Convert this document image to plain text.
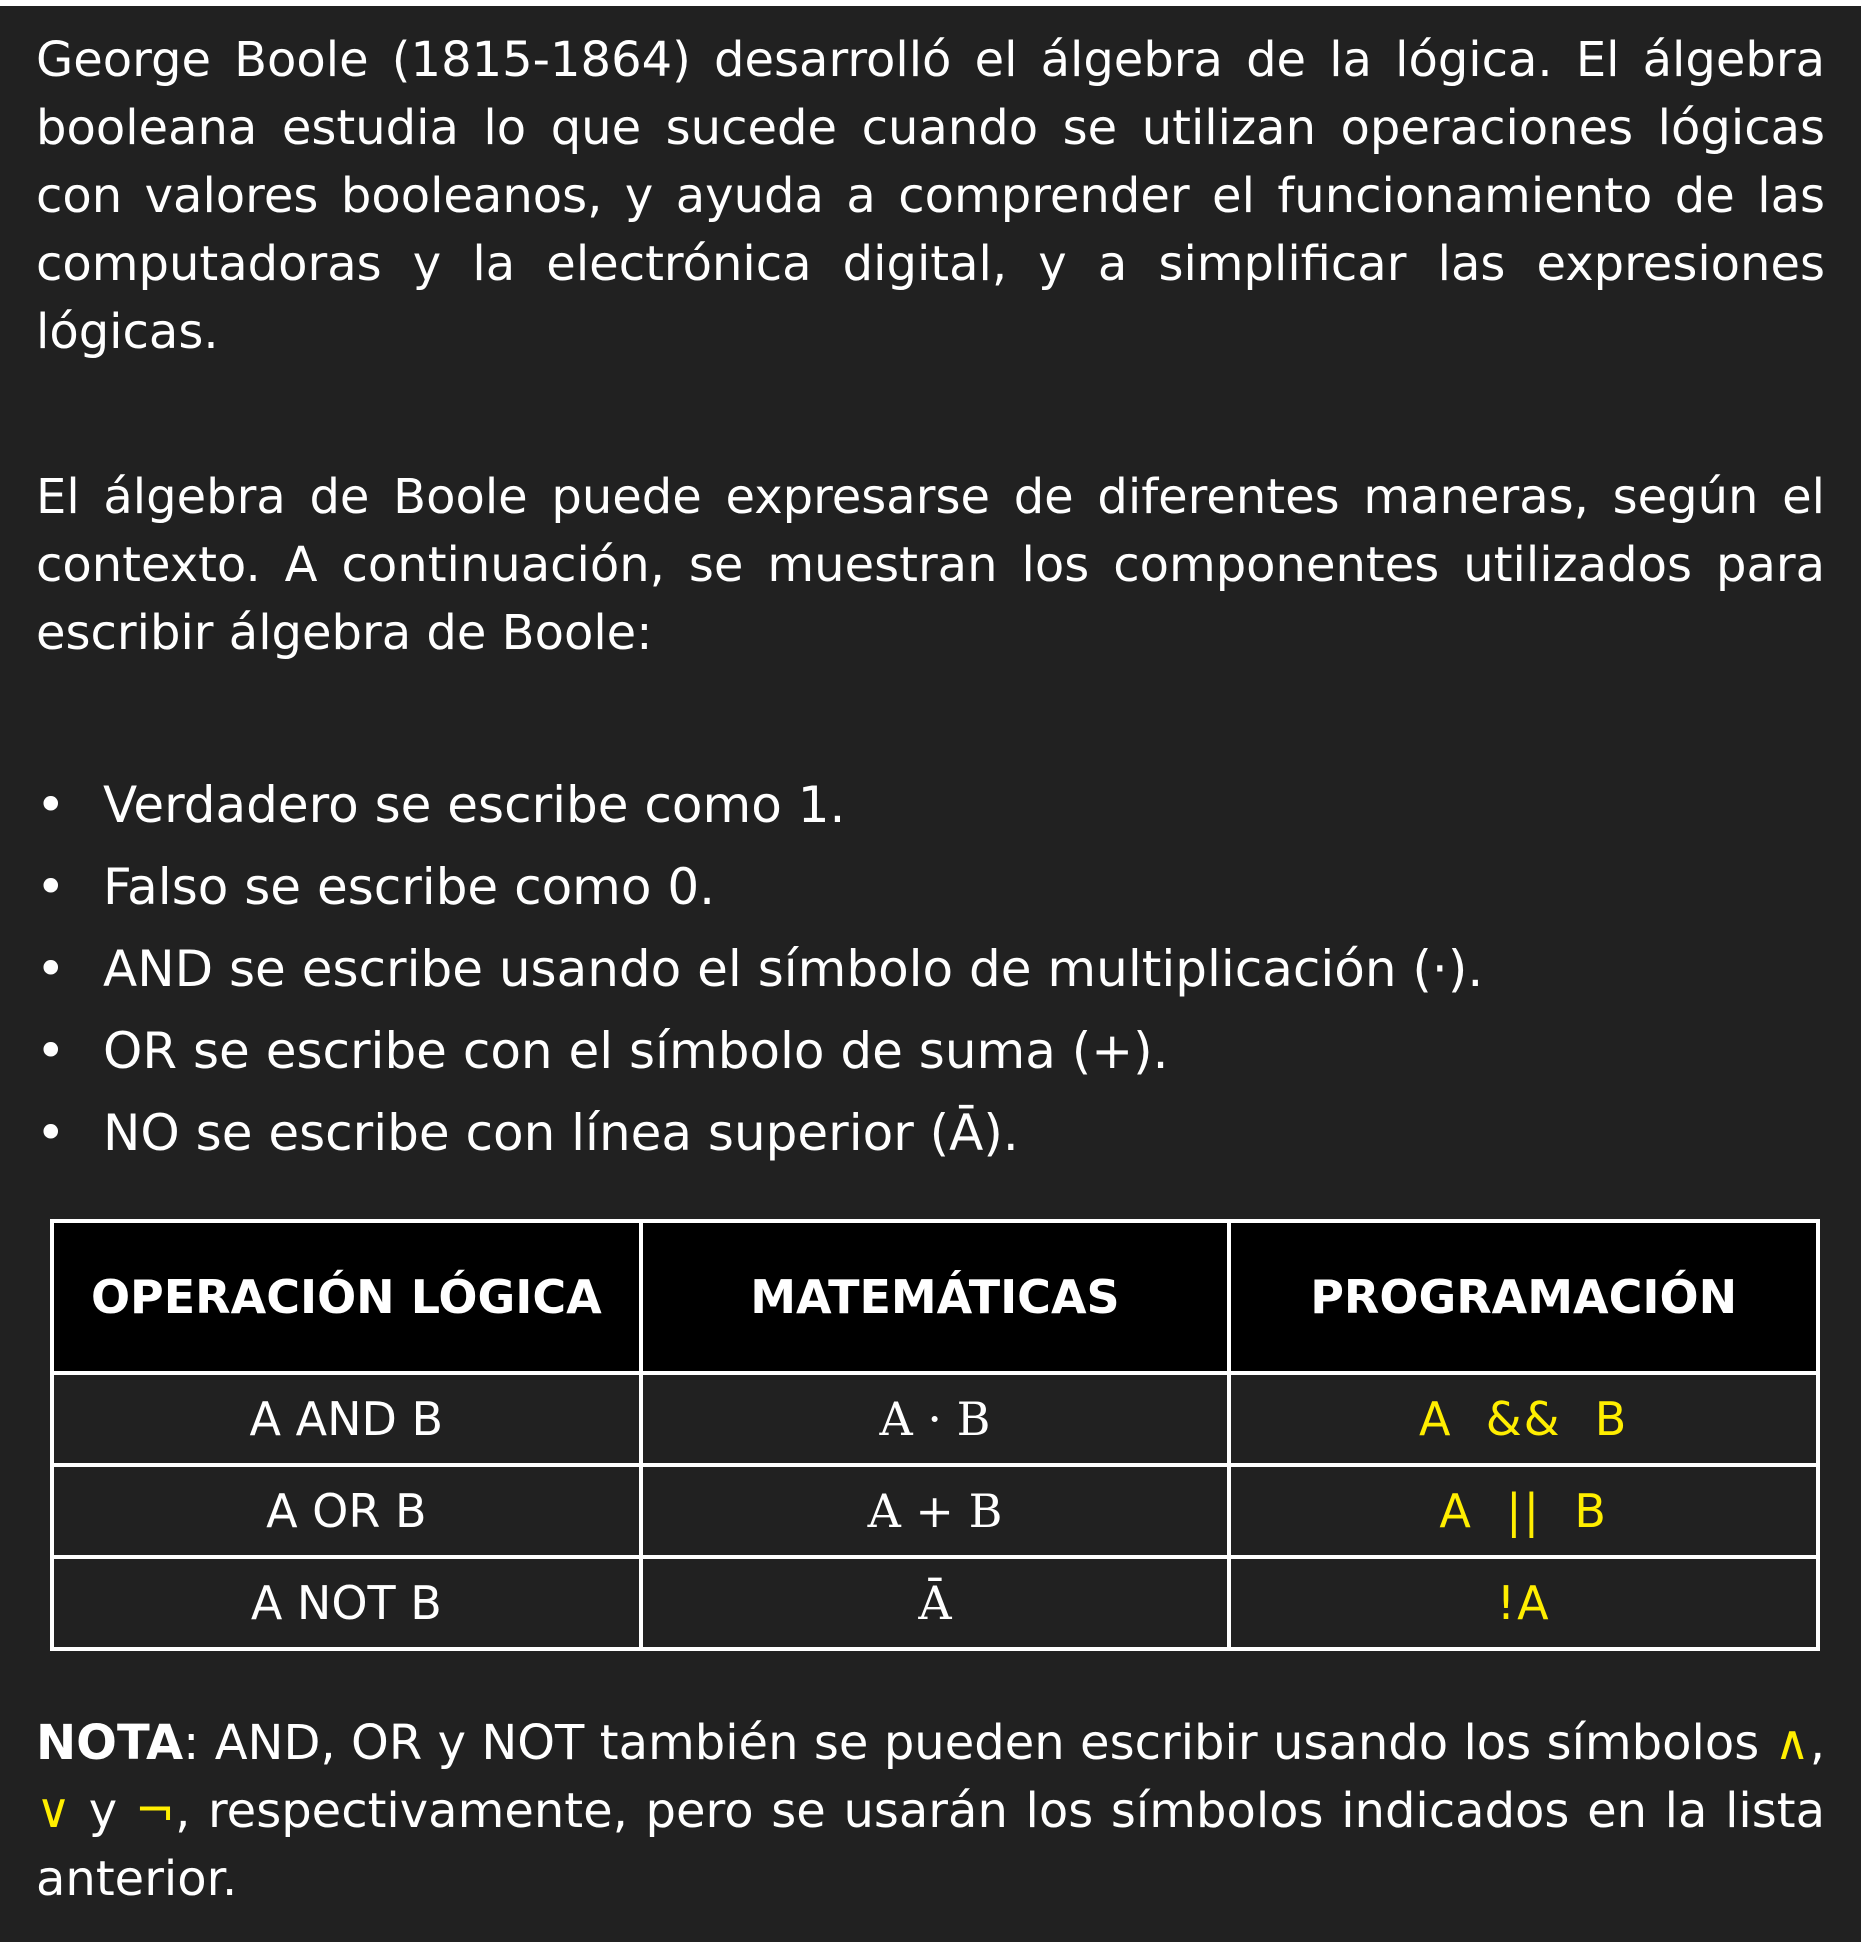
George Boole (1815-1864) desarrolló el álgebra de la lógica. El álgebra booleana estudia lo que sucede cuando se utilizan operaciones lógicas con valores booleanos, y ayuda a comprender el funcionamiento de las computadoras y la electrónica digital, y a simplificar las expresiones lógicas.

El álgebra de Boole puede expresarse de diferentes maneras, según el contexto. A continuación, se muestran los componentes utilizados para escribir álgebra de Boole:

• Verdadero se escribe como 1.
• Falso se escribe como 0.
• AND se escribe usando el símbolo de multiplicación (·).
• OR se escribe con el símbolo de suma (+).
• NO se escribe con línea superior (Ā).
OPERACIÓN LÓGICA	MATEMÁTICAS	PROGRAMACIÓN
A AND B	A · B	A  &&  B
A OR B	A + B	A  ||  B
A NOT B	Ā	!A

NOTA: AND, OR y NOT también se pueden escribir usando los símbolos ∧, ∨ y ¬, respectivamente, pero se usarán los símbolos indicados en la lista anterior.
